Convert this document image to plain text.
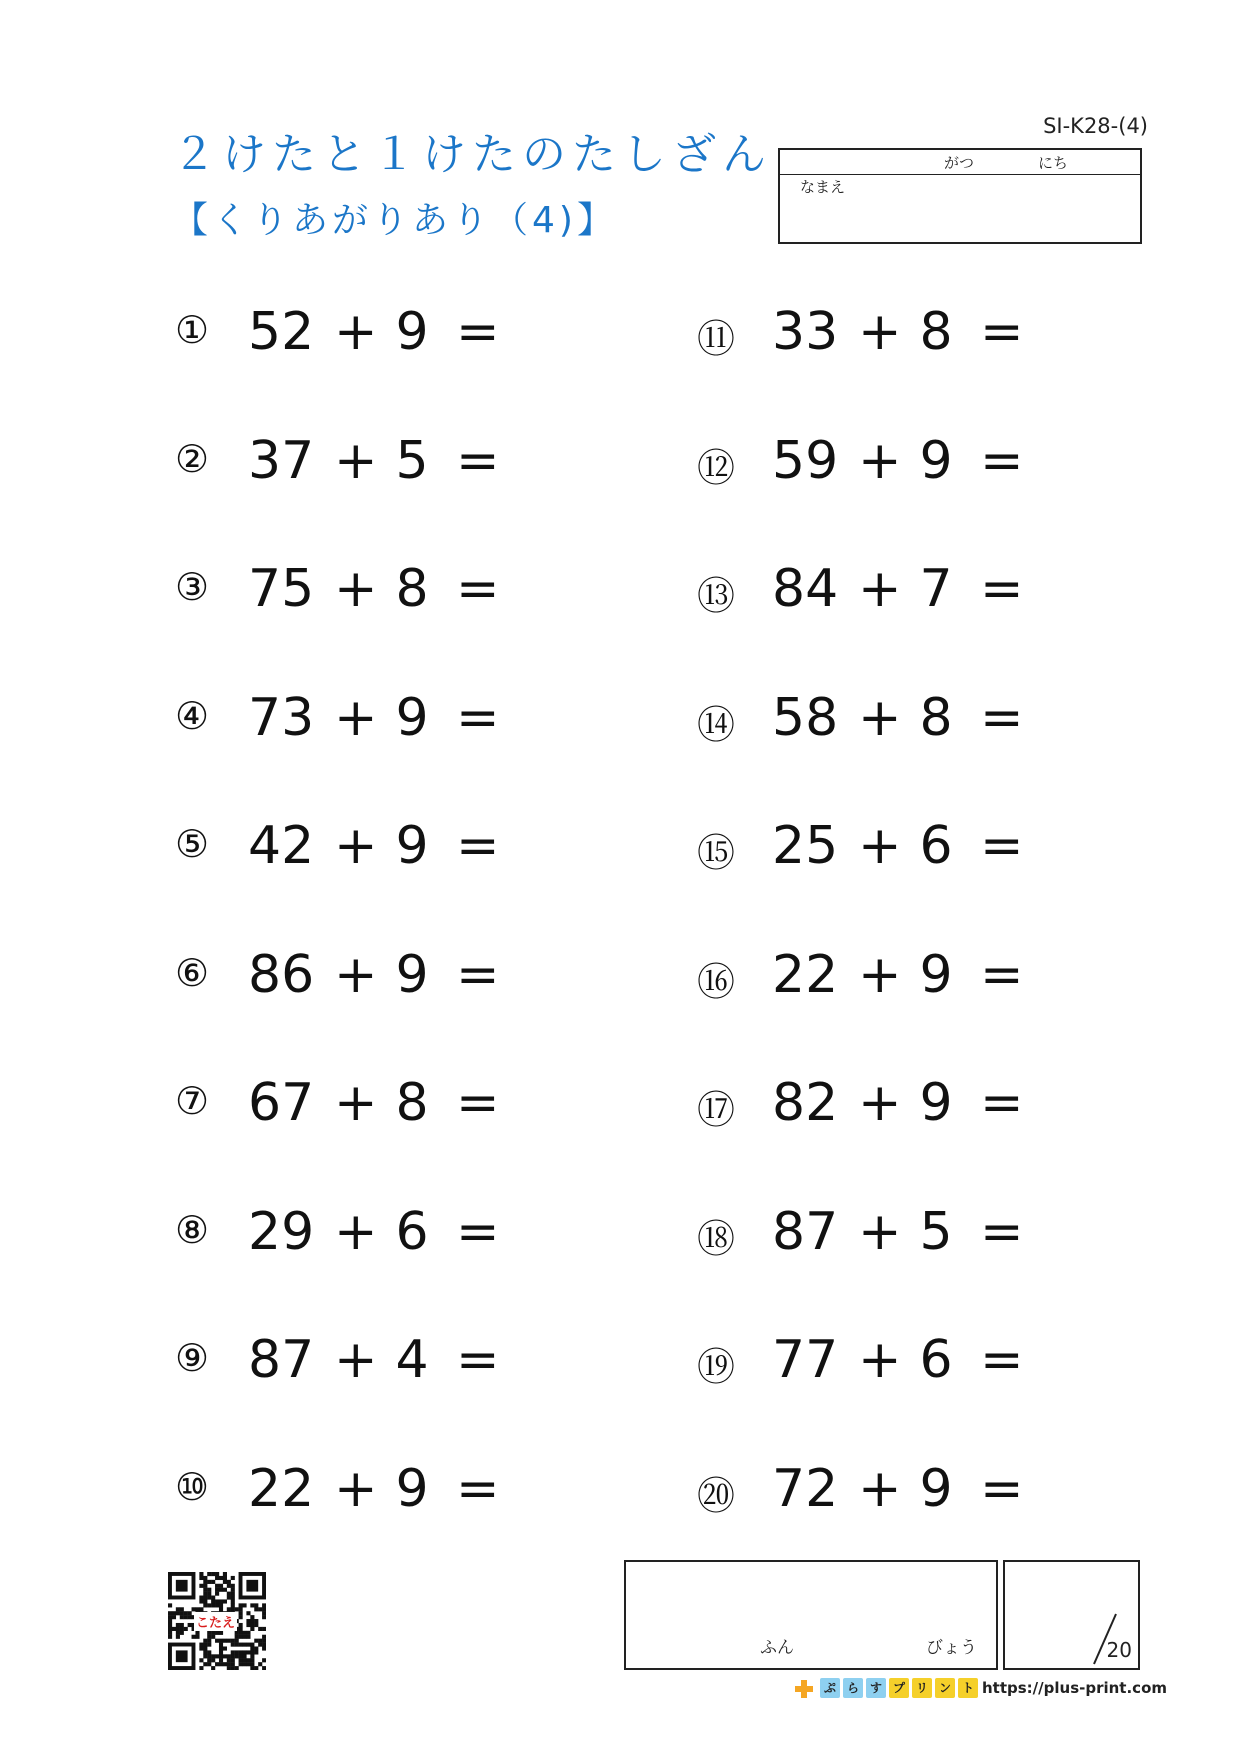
２けたと１けたのたしざん
【くりあがりあり（4)】
SI-K28-(4)
がつ	にち
なまえ
① 52 + 9 =
② 37 + 5 =
③ 75 + 8 =
④ 73 + 9 =
⑤ 42 + 9 =
⑥ 86 + 9 =
⑦ 67 + 8 =
⑧ 29 + 6 =
⑨ 87 + 4 =
⑩ 22 + 9 =
⑪ 33 + 8 =
⑫ 59 + 9 =
⑬ 84 + 7 =
⑭ 58 + 8 =
⑮ 25 + 6 =
⑯ 22 + 9 =
⑰ 82 + 9 =
⑱ 87 + 5 =
⑲ 77 + 6 =
⑳ 72 + 9 =
こたえ
ふん	びょう	20
ぷ ら す プ リ ン ト https://plus-print.com
